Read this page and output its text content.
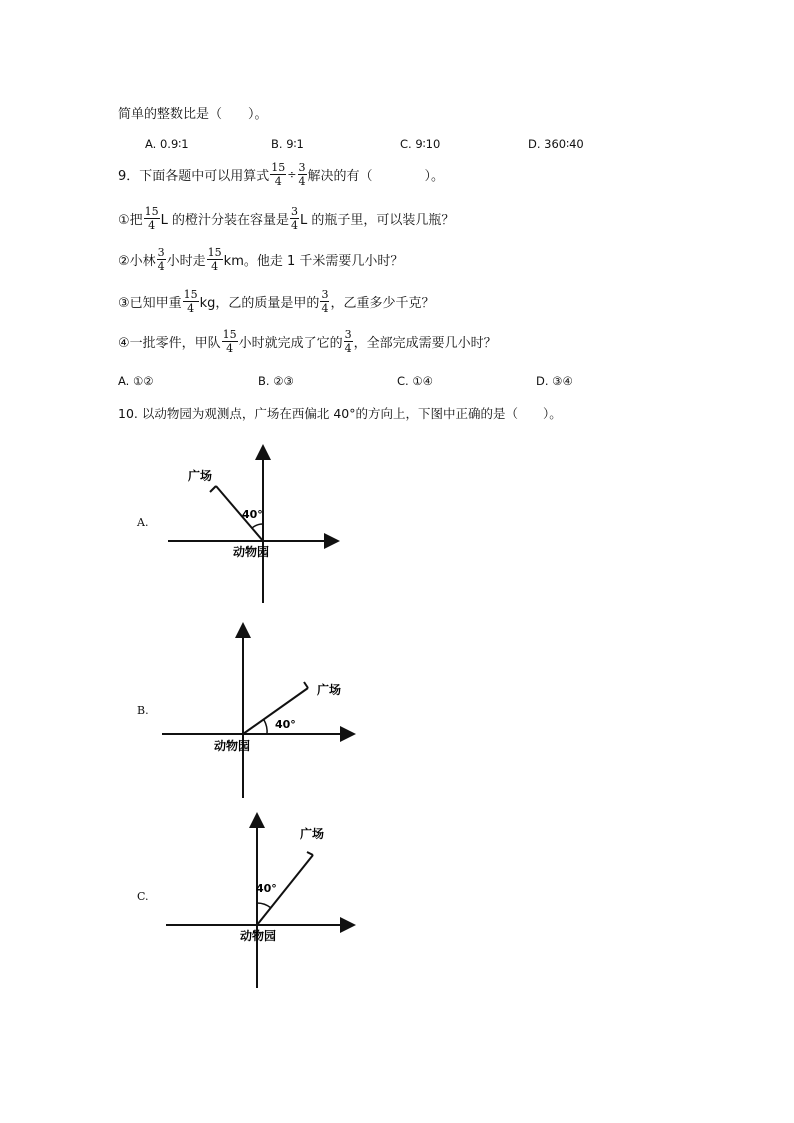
简单的整数比是（　　）。
A. 0.9∶1	B. 9∶1	C. 9∶10	D. 360∶40
9．下面各题中可以用算式 $\frac{15}{4} \div \frac{3}{4}$ 解决的有（　　　　）。
①把 $\frac{15}{4}$ L 的橙汁分装在容量是 $\frac{3}{4}$ L 的瓶子里，可以装几瓶？
②小林 $\frac{3}{4}$ 小时走 $\frac{15}{4}$ km。他走 1 千米需要几小时？
③已知甲重 $\frac{15}{4}$ kg，乙的质量是甲的 $\frac{3}{4}$ ，乙重多少千克？
④一批零件，甲队 $\frac{15}{4}$ 小时就完成了它的 $\frac{3}{4}$ ，全部完成需要几小时？
A. ①②	B. ②③	C. ①④	D. ③④
10. 以动物园为观测点，广场在西偏北 40°的方向上，下图中正确的是（　　）。
A.
40°
广场
动物园
B.
40°
广场
动物园
C.
40°
广场
动物园
